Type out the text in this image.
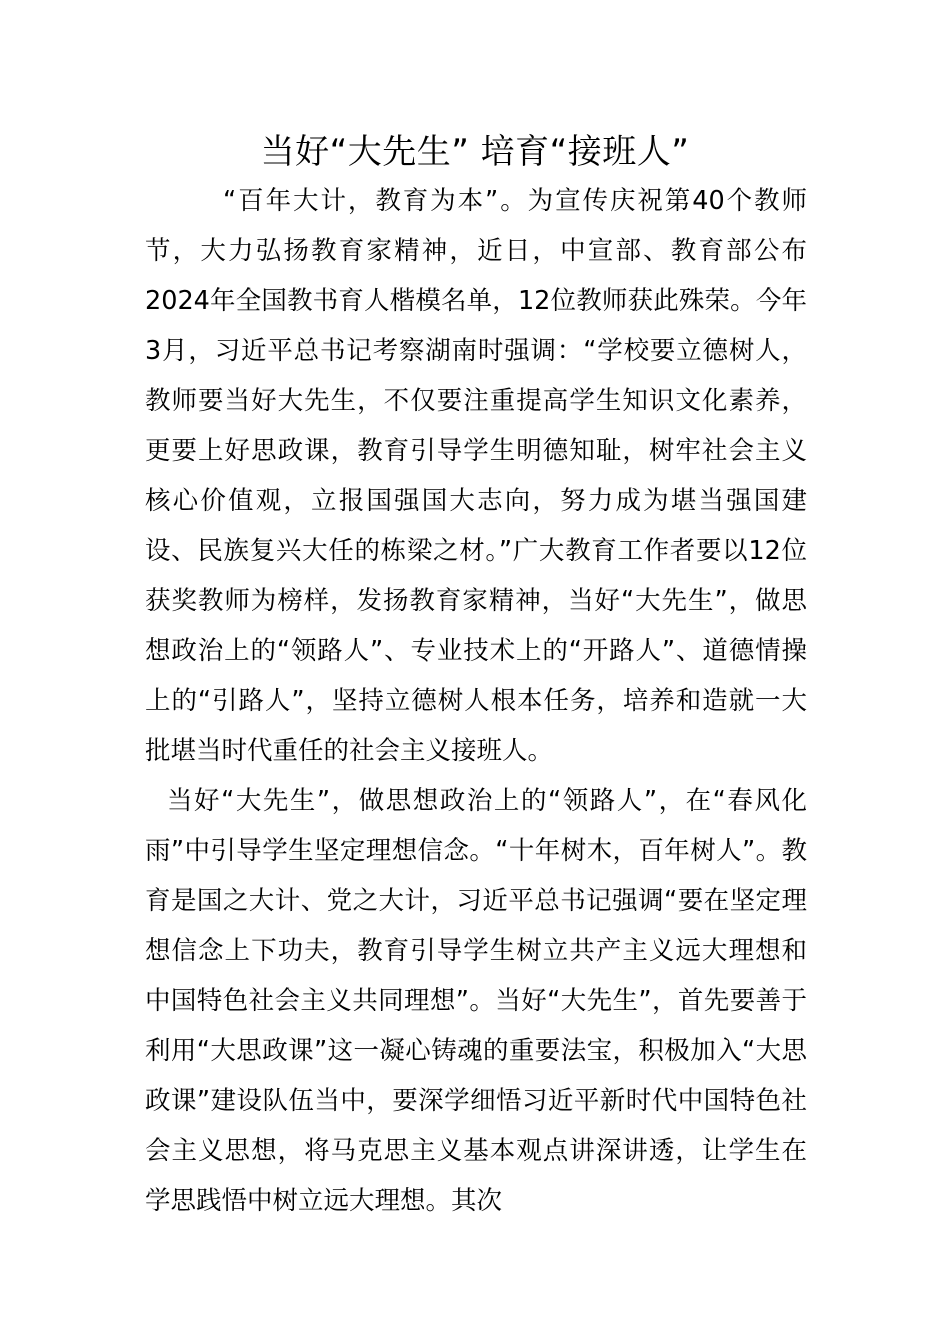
当好“大先生” 培育“接班人”

“百年大计，教育为本”。为宣传庆祝第40个教师节，大力弘扬教育家精神，近日，中宣部、教育部公布2024年全国教书育人楷模名单，12位教师获此殊荣。今年3月，习近平总书记考察湖南时强调：“学校要立德树人，教师要当好大先生，不仅要注重提高学生知识文化素养，更要上好思政课，教育引导学生明德知耻，树牢社会主义核心价值观，立报国强国大志向，努力成为堪当强国建设、民族复兴大任的栋梁之材。”广大教育工作者要以12位获奖教师为榜样，发扬教育家精神，当好“大先生”，做思想政治上的“领路人”、专业技术上的“开路人”、道德情操上的“引路人”，坚持立德树人根本任务，培养和造就一大批堪当时代重任的社会主义接班人。

当好“大先生”，做思想政治上的“领路人”，在“春风化雨”中引导学生坚定理想信念。“十年树木，百年树人”。教育是国之大计、党之大计，习近平总书记强调“要在坚定理想信念上下功夫，教育引导学生树立共产主义远大理想和中国特色社会主义共同理想”。当好“大先生”，首先要善于利用“大思政课”这一凝心铸魂的重要法宝，积极加入“大思政课”建设队伍当中，要深学细悟习近平新时代中国特色社会主义思想，将马克思主义基本观点讲深讲透，让学生在学思践悟中树立远大理想。其次
